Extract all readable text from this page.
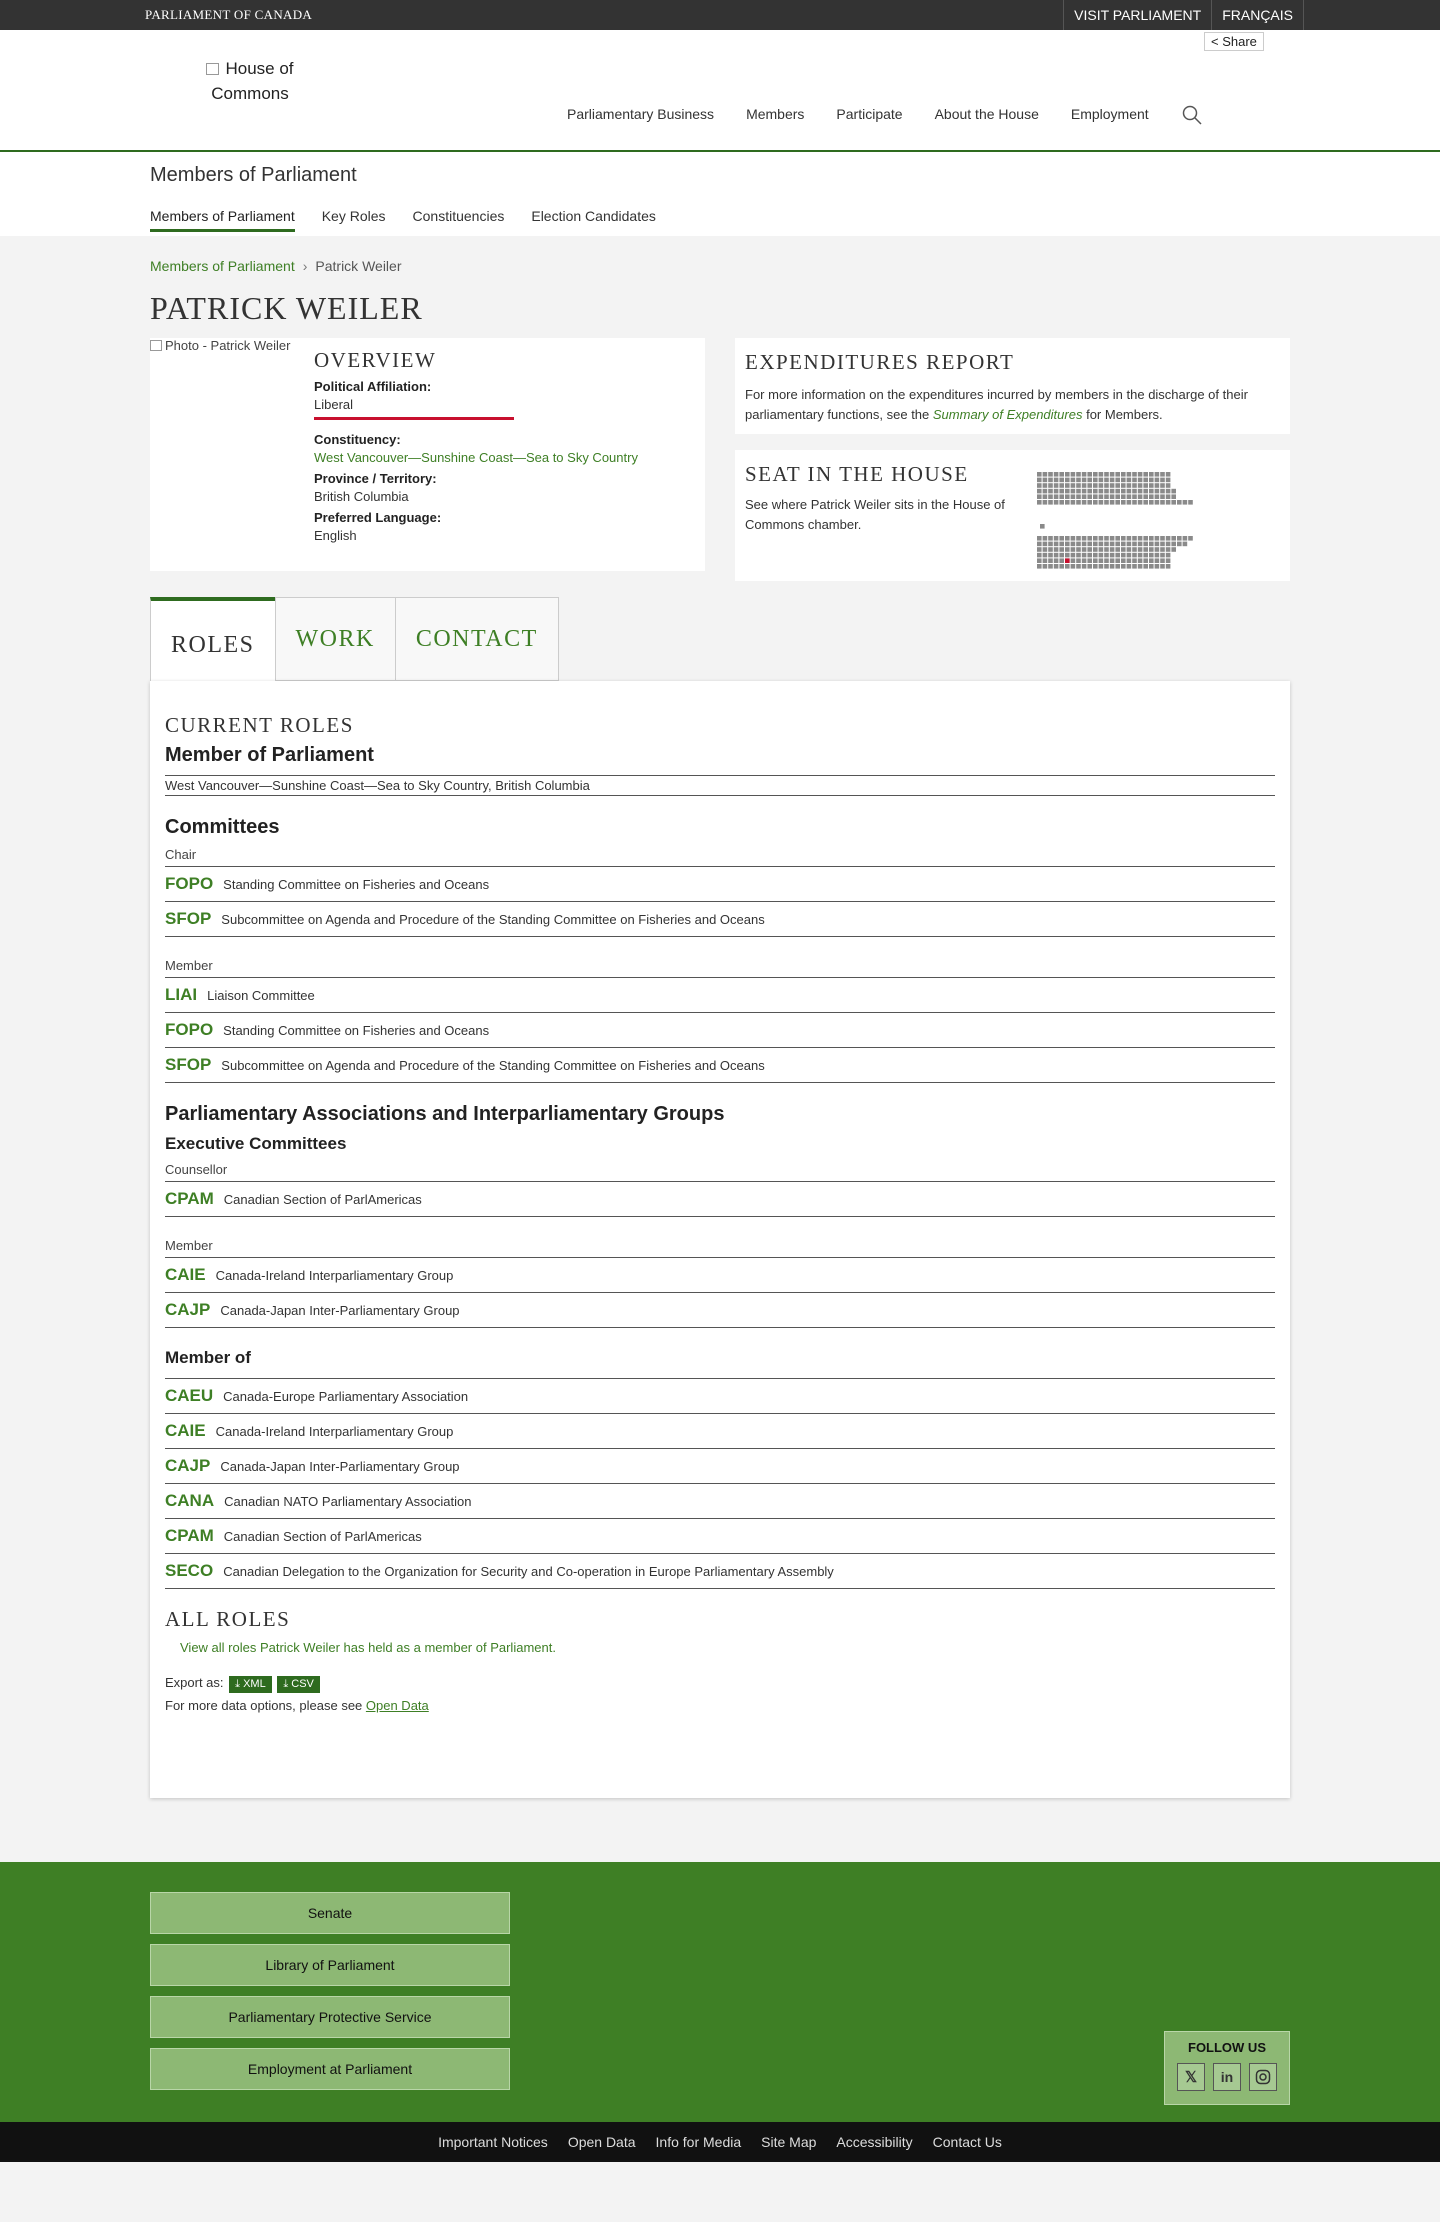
PARLIAMENT OF CANADA	VISIT PARLIAMENT	FRANÇAIS
House of Commons
< Share
Parliamentary Business Members Participate About the House Employment
Members of Parliament
Members of Parliament Key Roles Constituencies Election Candidates
Members of Parliament › Patrick Weiler
PATRICK WEILER
Photo - Patrick Weiler
OVERVIEW
Political Affiliation:
Liberal
Constituency:
West Vancouver—Sunshine Coast—Sea to Sky Country
Province / Territory:
British Columbia
Preferred Language:
English
EXPENDITURES REPORT

For more information on the expenditures incurred by members in the discharge of their parliamentary functions, see the Summary of Expenditures for Members.

SEAT IN THE HOUSE

See where Patrick Weiler sits in the House of Commons chamber.

ROLES	WORK	CONTACT
CURRENT ROLES
Member of Parliament
West Vancouver—Sunshine Coast—Sea to Sky Country, British Columbia
Committees
Chair
FOPO Standing Committee on Fisheries and Oceans
SFOP Subcommittee on Agenda and Procedure of the Standing Committee on Fisheries and Oceans
Member
LIAI Liaison Committee
FOPO Standing Committee on Fisheries and Oceans
SFOP Subcommittee on Agenda and Procedure of the Standing Committee on Fisheries and Oceans
Parliamentary Associations and Interparliamentary Groups
Executive Committees
Counsellor
CPAM Canadian Section of ParlAmericas
Member
CAIE Canada-Ireland Interparliamentary Group
CAJP Canada-Japan Inter-Parliamentary Group
Member of
CAEU Canada-Europe Parliamentary Association
CAIE Canada-Ireland Interparliamentary Group
CAJP Canada-Japan Inter-Parliamentary Group
CANA Canadian NATO Parliamentary Association
CPAM Canadian Section of ParlAmericas
SECO Canadian Delegation to the Organization for Security and Co-operation in Europe Parliamentary Assembly
ALL ROLES
View all roles Patrick Weiler has held as a member of Parliament.
Export as: ⤓ XML ⤓ CSV
For more data options, please see Open Data
Senate
Library of Parliament
Parliamentary Protective Service
Employment at Parliament
FOLLOW US
𝕏	in
Important Notices Open Data Info for Media Site Map Accessibility Contact Us
